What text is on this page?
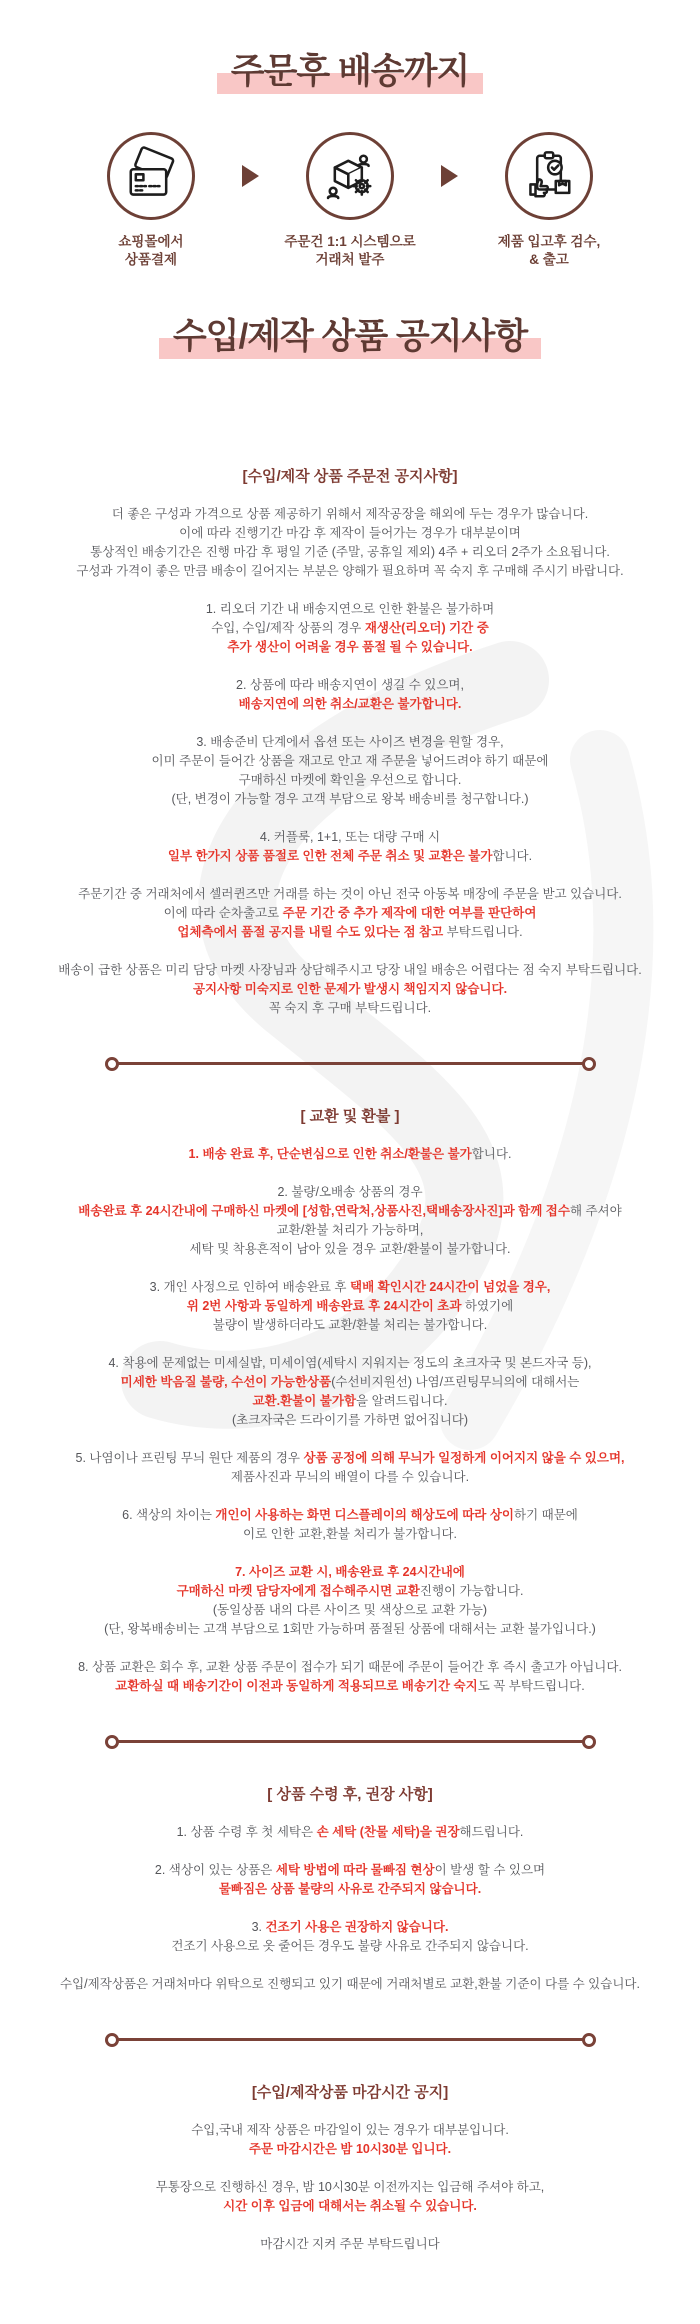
주문후 배송까지
쇼핑몰에서
상품결제
주문건 1:1 시스템으로
거래처 발주
제품 입고후 검수,
& 출고
수입/제작 상품 공지사항
[수입/제작 상품 주문전 공지사항]

더 좋은 구성과 가격으로 상품 제공하기 위해서 제작공장을 해외에 두는 경우가 많습니다.
이에 따라 진행기간 마감 후 제작이 들어가는 경우가 대부분이며
통상적인 배송기간은 진행 마감 후 평일 기준 (주말, 공휴일 제외) 4주 + 리오더 2주가 소요됩니다.
구성과 가격이 좋은 만큼 배송이 길어지는 부분은 양해가 필요하며 꼭 숙지 후 구매해 주시기 바랍니다.

1. 리오더 기간 내 배송지연으로 인한 환불은 불가하며
수입, 수입/제작 상품의 경우 재생산(리오더) 기간 중
추가 생산이 어려울 경우 품절 될 수 있습니다.

2. 상품에 따라 배송지연이 생길 수 있으며,
배송지연에 의한 취소/교환은 불가합니다.

3. 배송준비 단계에서 옵션 또는 사이즈 변경을 원할 경우,
이미 주문이 들어간 상품을 재고로 안고 재 주문을 넣어드려야 하기 때문에
구매하신 마켓에 확인을 우선으로 합니다.
(단, 변경이 가능할 경우 고객 부담으로 왕복 배송비를 청구합니다.)

4. 커플룩, 1+1, 또는 대량 구매 시
일부 한가지 상품 품절로 인한 전체 주문 취소 및 교환은 불가합니다.

주문기간 중 거래처에서 셀러퀸즈만 거래를 하는 것이 아닌 전국 아동복 매장에 주문을 받고 있습니다.
이에 따라 순차출고로 주문 기간 중 추가 제작에 대한 여부를 판단하여
업체측에서 품절 공지를 내릴 수도 있다는 점 참고 부탁드립니다.

배송이 급한 상품은 미리 담당 마켓 사장님과 상담해주시고 당장 내일 배송은 어렵다는 점 숙지 부탁드립니다.
공지사항 미숙지로 인한 문제가 발생시 책임지지 않습니다.
꼭 숙지 후 구매 부탁드립니다.

[ 교환 및 환불 ]

1. 배송 완료 후, 단순변심으로 인한 취소/환불은 불가합니다.

2. 불량/오배송 상품의 경우
배송완료 후 24시간내에 구매하신 마켓에 [성함,연락처,상품사진,택배송장사진]과 함께 접수해 주셔야
교환/환불 처리가 가능하며,
세탁 및 착용흔적이 남아 있을 경우 교환/환불이 불가합니다.

3. 개인 사정으로 인하여 배송완료 후 택배 확인시간 24시간이 넘었을 경우,
위 2번 사항과 동일하게 배송완료 후 24시간이 초과 하였기에
불량이 발생하더라도 교환/환불 처리는 불가합니다.

4. 착용에 문제없는 미세실밥, 미세이염(세탁시 지워지는 정도의 초크자국 및 본드자국 등),
미세한 박음질 불량, 수선이 가능한상품(수선비지원선) 나염/프린팅무늬의에 대해서는
교환.환불이 불가함을 알려드립니다.
(초크자국은 드라이기를 가하면 없어집니다)

5. 나염이나 프린팅 무늬 원단 제품의 경우 상품 공정에 의해 무늬가 일정하게 이어지지 않을 수 있으며,
제품사진과 무늬의 배열이 다를 수 있습니다.

6. 색상의 차이는 개인이 사용하는 화면 디스플레이의 해상도에 따라 상이하기 때문에
이로 인한 교환,환불 처리가 불가합니다.

7. 사이즈 교환 시, 배송완료 후 24시간내에
구매하신 마켓 담당자에게 접수해주시면 교환진행이 가능합니다.
(동일상품 내의 다른 사이즈 및 색상으로 교환 가능)
(단, 왕복배송비는 고객 부담으로 1회만 가능하며 품절된 상품에 대해서는 교환 불가입니다.)

8. 상품 교환은 회수 후, 교환 상품 주문이 접수가 되기 때문에 주문이 들어간 후 즉시 출고가 아닙니다.
교환하실 때 배송기간이 이전과 동일하게 적용되므로 배송기간 숙지도 꼭 부탁드립니다.

[ 상품 수령 후, 권장 사항]

1. 상품 수령 후 첫 세탁은 손 세탁 (찬물 세탁)을 권장해드립니다.

2. 색상이 있는 상품은 세탁 방법에 따라 물빠짐 현상이 발생 할 수 있으며
물빠짐은 상품 불량의 사유로 간주되지 않습니다.

3. 건조기 사용은 권장하지 않습니다.
건조기 사용으로 옷 줄어든 경우도 불량 사유로 간주되지 않습니다.

수입/제작상품은 거래처마다 위탁으로 진행되고 있기 때문에 거래처별로 교환,환불 기준이 다를 수 있습니다.

[수입/제작상품 마감시간 공지]

수입,국내 제작 상품은 마감일이 있는 경우가 대부분입니다.
주문 마감시간은 밤 10시30분 입니다.

무통장으로 진행하신 경우, 밤 10시30분 이전까지는 입금해 주셔야 하고,
시간 이후 입금에 대해서는 취소될 수 있습니다.

마감시간 지켜 주문 부탁드립니다
